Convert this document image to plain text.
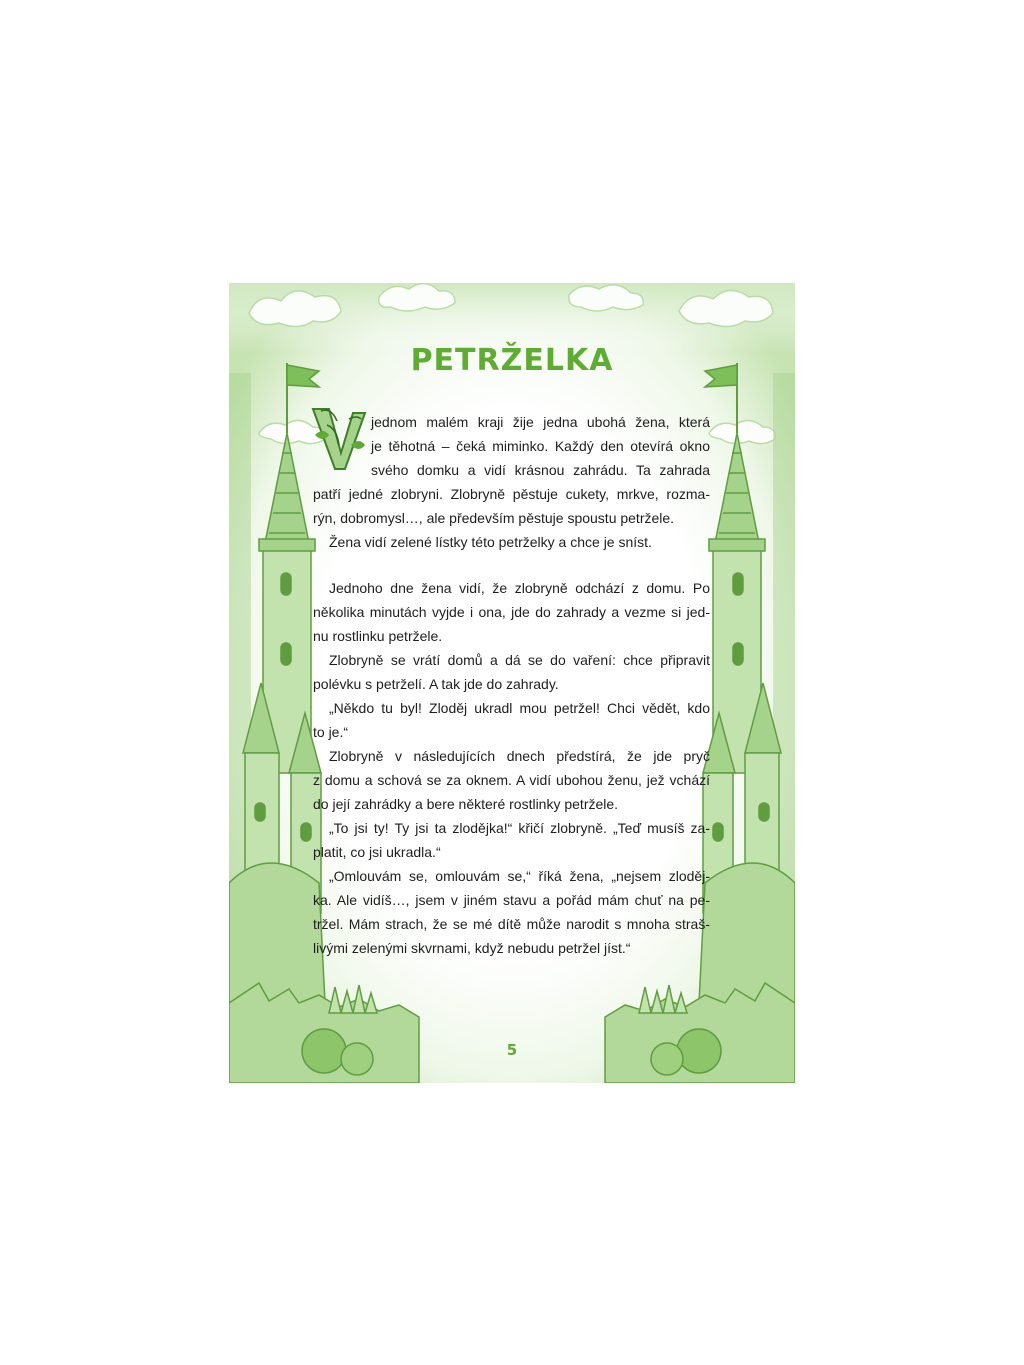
PETRŽELKA
jednom malém kraji žije jedna ubohá žena, která
je těhotná – čeká miminko. Každý den otevírá okno
svého domku a vidí krásnou zahrádu. Ta zahrada
patří jedné zlobryni. Zlobryně pěstuje cukety, mrkve, rozma-
rýn, dobromysl…, ale především pěstuje spoustu petržele.
Žena vidí zelené lístky této petrželky a chce je sníst.
Jednoho dne žena vidí, že zlobryně odchází z domu. Po
několika minutách vyjde i ona, jde do zahrady a vezme si jed-
nu rostlinku petržele.
Zlobryně se vrátí domů a dá se do vaření: chce připravit
polévku s petrželí. A tak jde do zahrady.
„Někdo tu byl! Zloděj ukradl mou petržel! Chci vědět, kdo
to je.“
Zlobryně v následujících dnech předstírá, že jde pryč
z domu a schová se za oknem. A vidí ubohou ženu, jež vchází
do její zahrádky a bere některé rostlinky petržele.
„To jsi ty! Ty jsi ta zlodějka!“ křičí zlobryně. „Teď musíš za-
platit, co jsi ukradla.“
„Omlouvám se, omlouvám se,“ říká žena, „nejsem zloděj-
ka. Ale vidíš…, jsem v jiném stavu a pořád mám chuť na pe-
tržel. Mám strach, že se mé dítě může narodit s mnoha straš-
livými zelenými skvrnami, když nebudu petržel jíst.“
5
